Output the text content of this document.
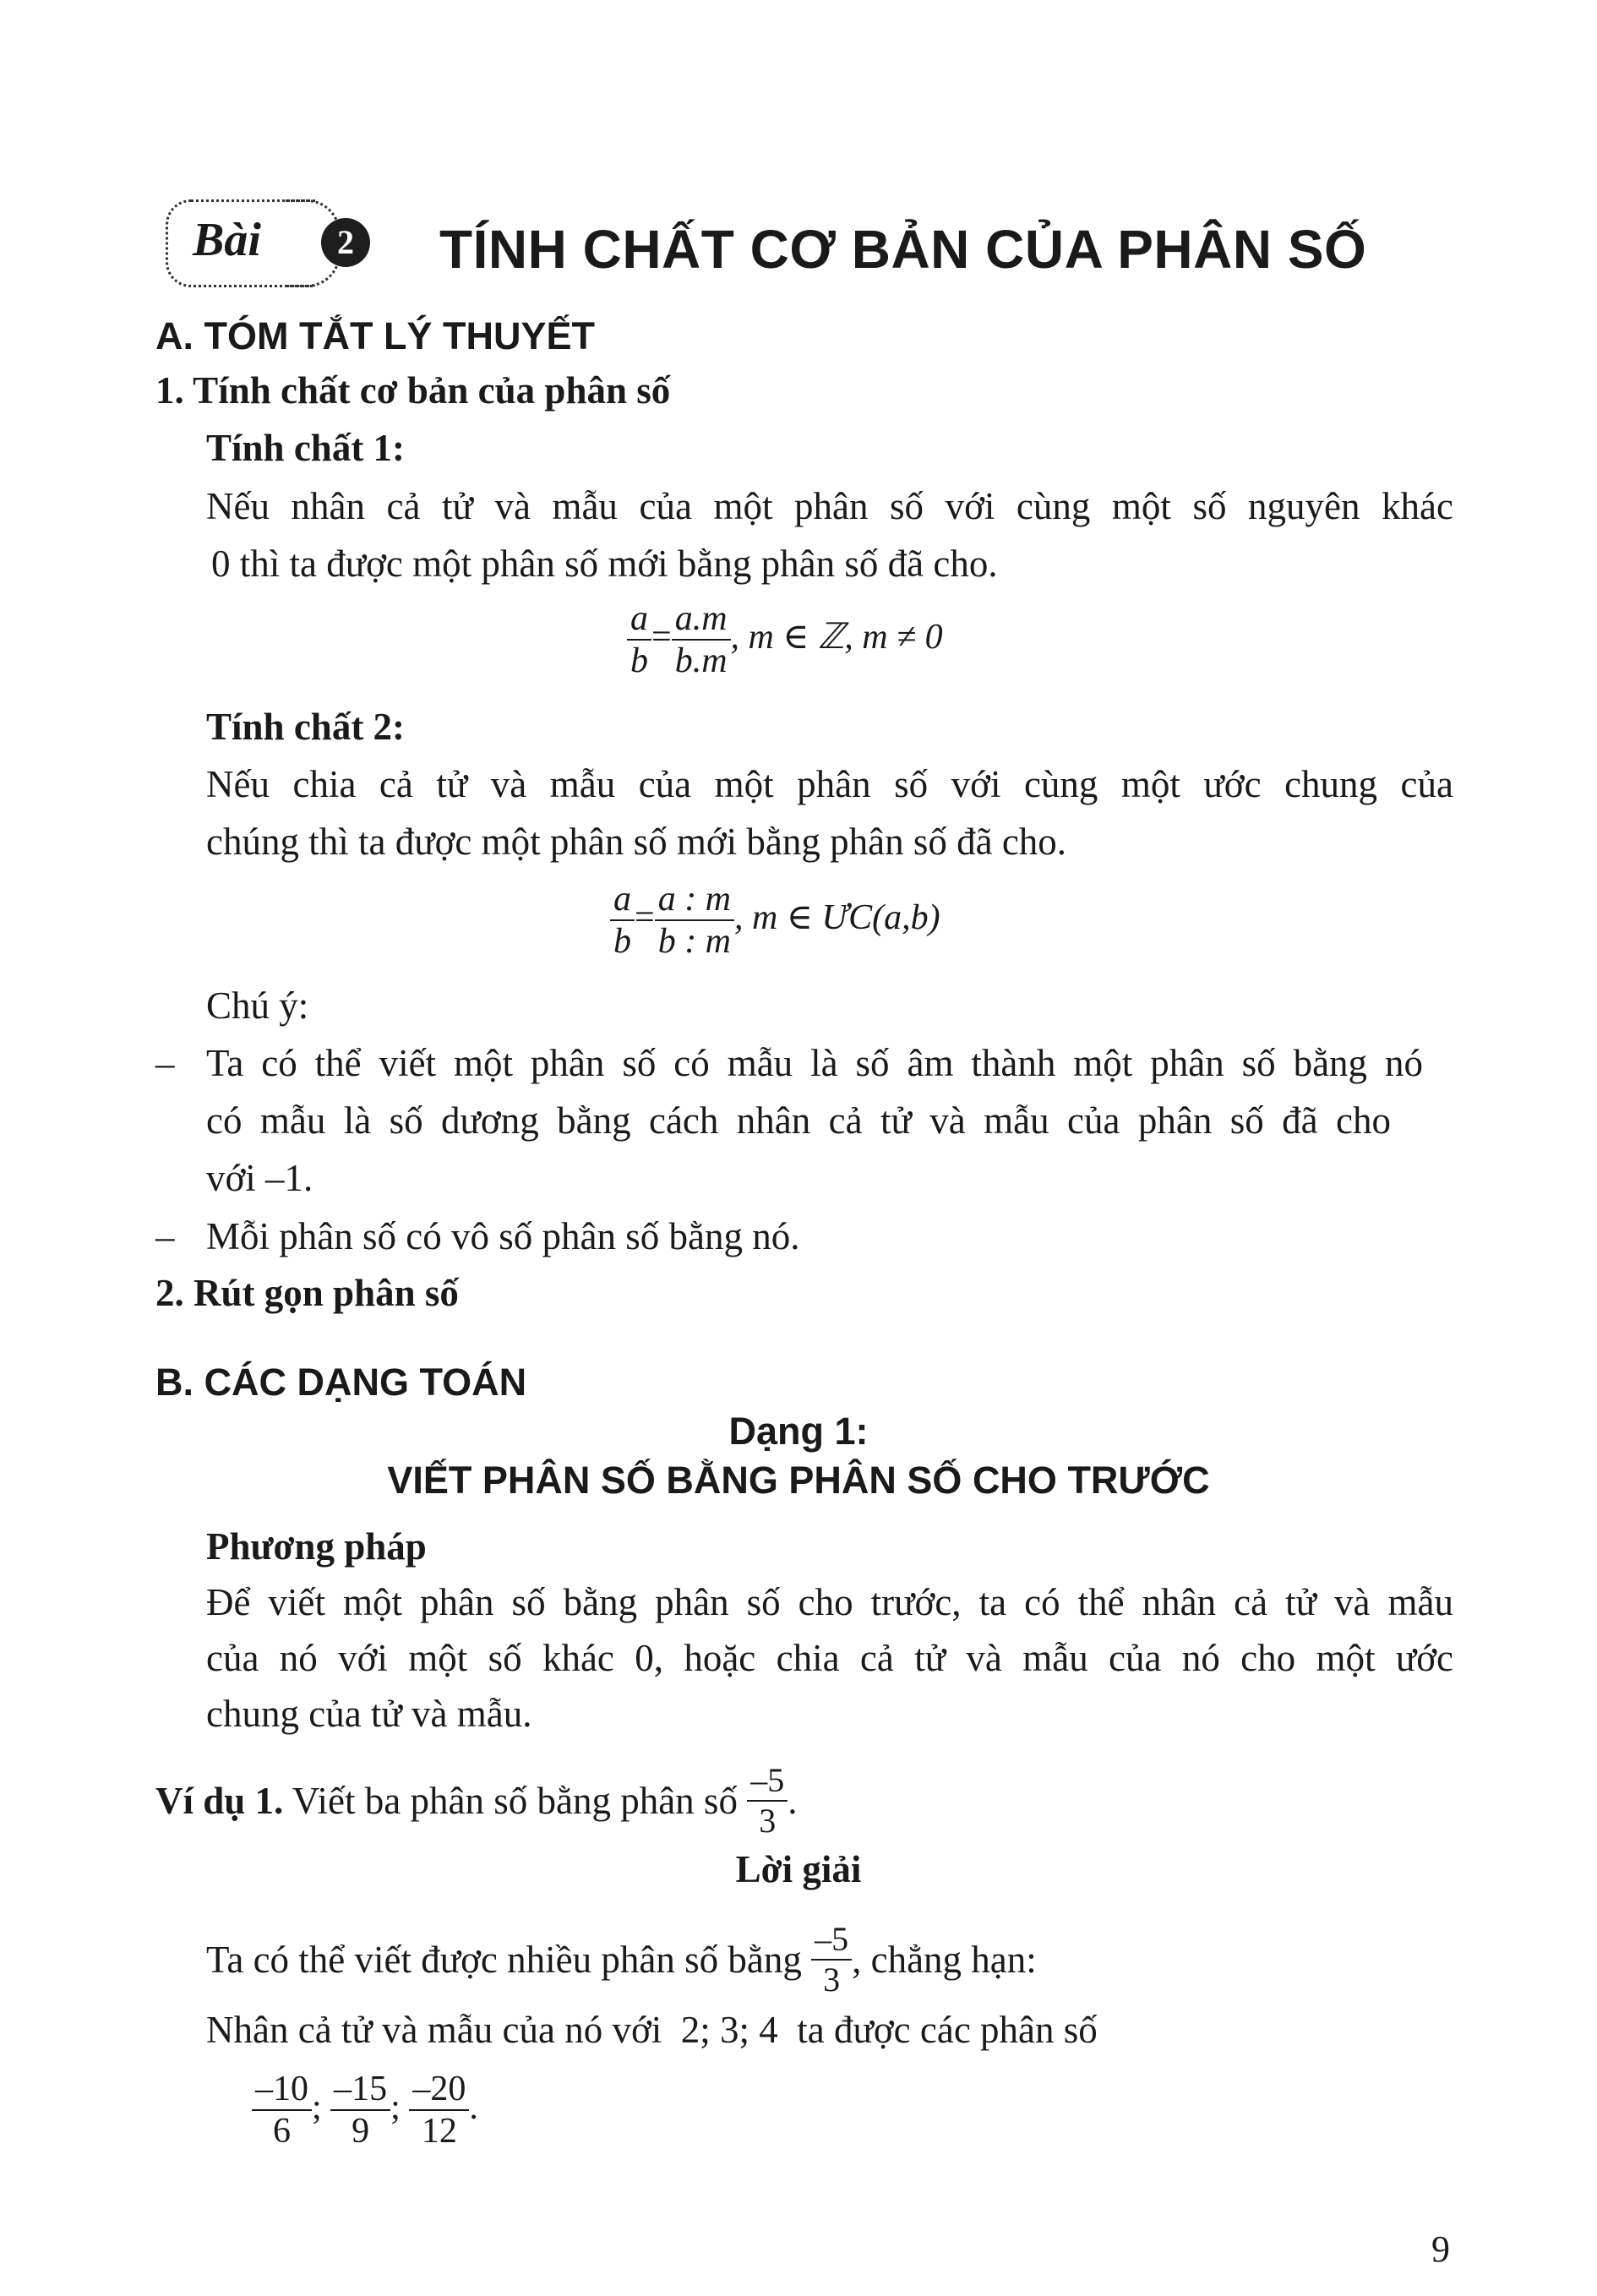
Bài	2 TÍNH CHẤT CƠ BẢN CỦA PHÂN SỐ
A. TÓM TẮT LÝ THUYẾT
1. Tính chất cơ bản của phân số
Tính chất 1:
Nếu nhân cả tử và mẫu của một phân số với cùng một số nguyên khác
0 thì ta được một phân số mới bằng phân số đã cho.
$\frac{a}{b} = \frac{a.m}{b.m}$ , m ∈ ℤ, m ≠ 0
Tính chất 2:
Nếu chia cả tử và mẫu của một phân số với cùng một ước chung của
chúng thì ta được một phân số mới bằng phân số đã cho.
$\frac{a}{b} = \frac{a : m}{b : m}$ , m ∈ ƯC(a,b)
Chú ý:
– Ta có thể viết một phân số có mẫu là số âm thành một phân số bằng nó
có mẫu là số dương bằng cách nhân cả tử và mẫu của phân số đã cho
với –1.
– Mỗi phân số có vô số phân số bằng nó.
2. Rút gọn phân số
B. CÁC DẠNG TOÁN
Dạng 1:
VIẾT PHÂN SỐ BẰNG PHÂN SỐ CHO TRƯỚC
Phương pháp
Để viết một phân số bằng phân số cho trước, ta có thể nhân cả tử và mẫu
của nó với một số khác 0, hoặc chia cả tử và mẫu của nó cho một ước
chung của tử và mẫu.
Ví dụ 1. Viết ba phân số bằng phân số $\frac{-5}{3}$ .
Lời giải
Ta có thể viết được nhiều phân số bằng $\frac{-5}{3}$ , chẳng hạn:
Nhân cả tử và mẫu của nó với  2; 3; 4  ta được các phân số
$\frac{-10}{6}$ ; $\frac{-15}{9}$ ; $\frac{-20}{12}$ .
9
